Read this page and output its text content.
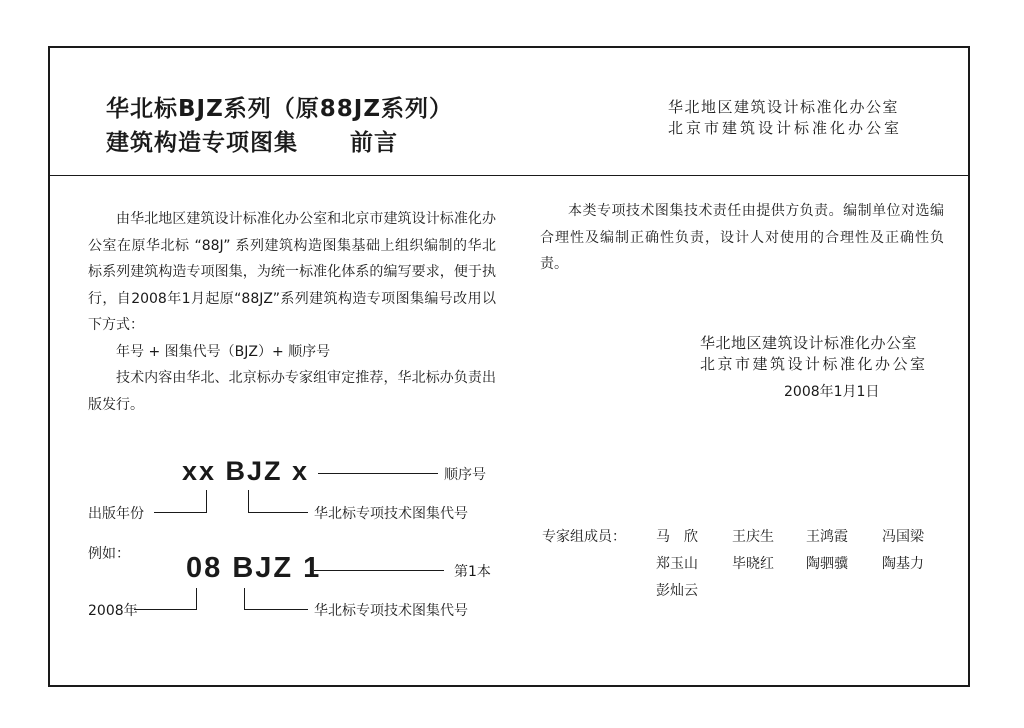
华北标BJZ系列（原88JZ系列）
建筑构造专项图集 前言
华北地区建筑设计标准化办公室
北京市建筑设计标准化办公室

由华北地区建筑设计标准化办公室和北京市建筑设计标准化办公室在原华北标 “88J” 系列建筑构造图集基础上组织编制的华北标系列建筑构造专项图集，为统一标准化体系的编写要求，便于执行，自2008年1月起原“88JZ”系列建筑构造专项图集编号改用以下方式：

年号 + 图集代号（BJZ）+ 顺序号

技术内容由华北、北京标办专家组审定推荐，华北标办负责出版发行。

xx BJZ x	顺序号
出版年份	华北标专项技术图集代号
例如： 08 BJZ 1	第1本
2008年	华北标专项技术图集代号

本类专项技术图集技术责任由提供方负责。编制单位对选编合理性及编制正确性负责，设计人对使用的合理性及正确性负责。

华北地区建筑设计标准化办公室
北京市建筑设计标准化办公室
2008年1月1日
专家组成员： 马　欣 王庆生 王鸿霞 冯国梁
郑玉山 毕晓红 陶驷骥 陶基力
彭灿云
